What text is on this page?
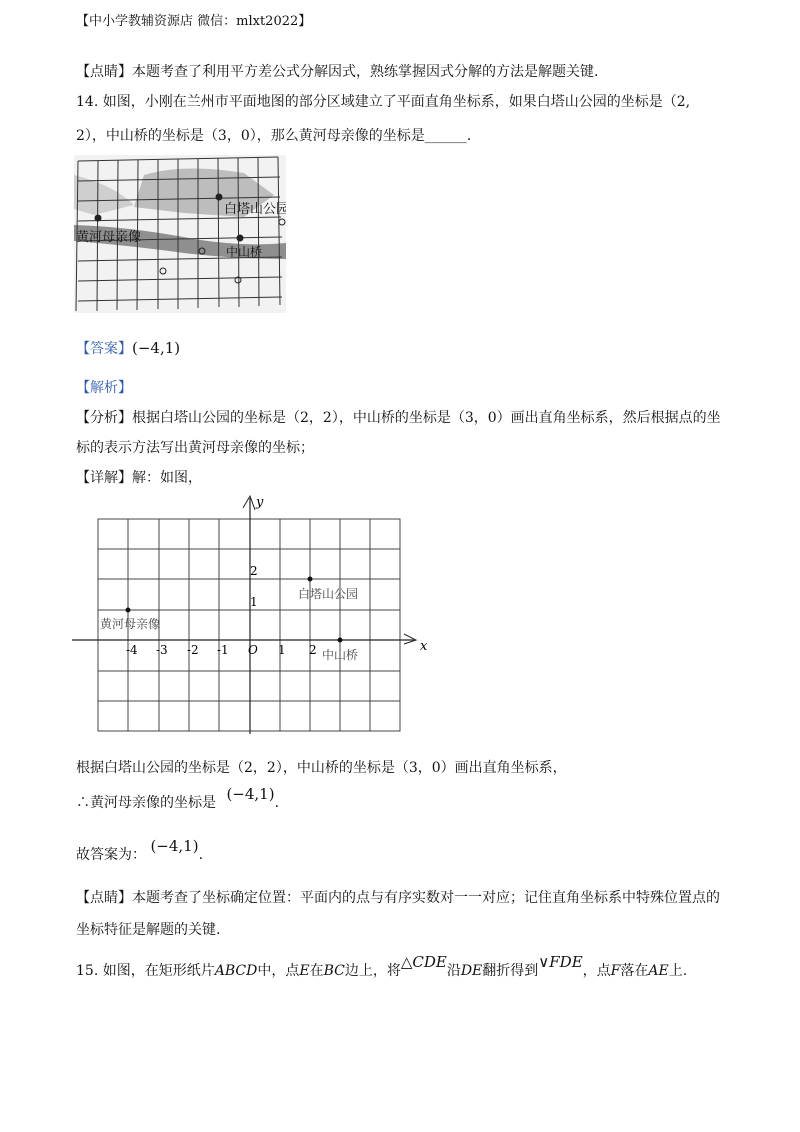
【中小学教辅资源店 微信：mlxt2022】
【点睛】本题考查了利用平方差公式分解因式，熟练掌握因式分解的方法是解题关键.
14. 如图，小刚在兰州市平面地图的部分区域建立了平面直角坐标系，如果白塔山公园的坐标是（2,
2），中山桥的坐标是（3，0），那么黄河母亲像的坐标是______.
白塔山公园
黄河母亲像
中山桥
【答案】(−4,1)
【解析】
【分析】根据白塔山公园的坐标是（2，2），中山桥的坐标是（3，0）画出直角坐标系，然后根据点的坐
标的表示方法写出黄河母亲像的坐标；
【详解】解：如图，
x
y
O
-4 -3 -2 -1	1 2
1
2
白塔山公园
中山桥
黄河母亲像
根据白塔山公园的坐标是（2，2），中山桥的坐标是（3，0）画出直角坐标系，
∴黄河母亲像的坐标是 (−4,1).
故答案为： (−4,1).
【点睛】本题考查了坐标确定位置：平面内的点与有序实数对一一对应；记住直角坐标系中特殊位置点的
坐标特征是解题的关键.
15. 如图，在矩形纸片ABCD中，点E在BC边上，将△CDE沿DE翻折得到∨FDE，点F落在AE上.
